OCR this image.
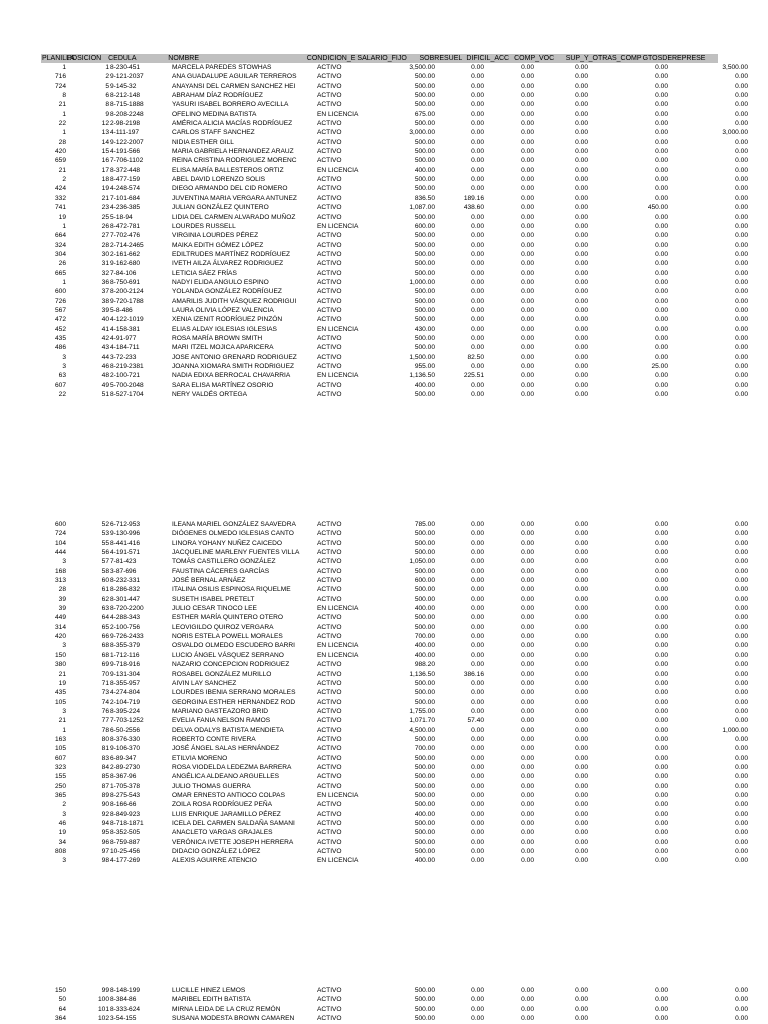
PLANILLA
POSICION CEDULA	NOMBRE	CONDICION_E SALARIO_FIJO	SOBRESUEL DIFICIL_ACC COMP_VOC	SUP_Y_OTRAS_COMP GTOSDEREPRESE
1	1 8-230-451	MARCELA PAREDES STOWHAS	ACTIVO	3,500.00	0.00	0.00	0.00	0.00	3,500.00
716	2 9-121-2037	ANA GUADALUPE AGUILAR TERREROS	ACTIVO	500.00	0.00	0.00	0.00	0.00	0.00
724	5 9-145-32	ANAYANSI DEL CARMEN SANCHEZ HEI	ACTIVO	500.00	0.00	0.00	0.00	0.00	0.00
8	6 8-212-148	ABRAHAM DÍAZ RODRÍGUEZ	ACTIVO	500.00	0.00	0.00	0.00	0.00	0.00
21	8 8-715-1888	YASURI ISABEL BORRERO AVECILLA	ACTIVO	500.00	0.00	0.00	0.00	0.00	0.00
1	9 8-208-2248	OFELINO MEDINA BATISTA	EN LICENCIA	675.00	0.00	0.00	0.00	0.00	0.00
22	12 2-98-2198	AMÉRICA ALICIA MACÍAS RODRÍGUEZ	ACTIVO	500.00	0.00	0.00	0.00	0.00	0.00
1	13 4-111-197	CARLOS STAFF SANCHEZ	ACTIVO	3,000.00	0.00	0.00	0.00	0.00	3,000.00
28	14 9-122-2007	NIDIA ESTHER GILL	ACTIVO	500.00	0.00	0.00	0.00	0.00	0.00
420	15 4-191-566	MARIA GABRIELA HERNANDEZ ARAUZ	ACTIVO	500.00	0.00	0.00	0.00	0.00	0.00
659	16 7-706-1102	REINA CRISTINA RODRIGUEZ MORENC	ACTIVO	500.00	0.00	0.00	0.00	0.00	0.00
21	17 8-372-448	ELISA MARÍA BALLESTEROS ORTIZ	EN LICENCIA	400.00	0.00	0.00	0.00	0.00	0.00
2	18 8-477-159	ABEL DAVID LORENZO SOLIS	ACTIVO	500.00	0.00	0.00	0.00	0.00	0.00
424	19 4-248-574	DIEGO ARMANDO DEL CID ROMERO	ACTIVO	500.00	0.00	0.00	0.00	0.00	0.00
332	21 7-101-684	JUVENTINA MARIA VERGARA ANTUNEZ	ACTIVO	836.50	189.16	0.00	0.00	0.00	0.00
741	23 4-236-385	JULIAN GONZÁLEZ QUINTERO	ACTIVO	1,087.00	438.60	0.00	0.00	450.00	0.00
19	25 5-18-94	LIDIA DEL CARMEN ALVARADO MUÑOZ	ACTIVO	500.00	0.00	0.00	0.00	0.00	0.00
1	26 8-472-781	LOURDES RUSSELL	EN LICENCIA	600.00	0.00	0.00	0.00	0.00	0.00
664	27 7-702-476	VIRGINIA LOURDES PÉREZ	ACTIVO	500.00	0.00	0.00	0.00	0.00	0.00
324	28 2-714-2465	MAIKA EDITH GÓMEZ LÓPEZ	ACTIVO	500.00	0.00	0.00	0.00	0.00	0.00
304	30 2-161-662	EDILTRUDES MARTÍNEZ RODRÍGUEZ	ACTIVO	500.00	0.00	0.00	0.00	0.00	0.00
26	31 9-162-680	IVETH AILZA ÁLVAREZ RODRIGUEZ	ACTIVO	500.00	0.00	0.00	0.00	0.00	0.00
665	32 7-84-106	LETICIA SÁEZ FRÍAS	ACTIVO	500.00	0.00	0.00	0.00	0.00	0.00
1	36 8-750-691	NADYI ELIDA ANGULO ESPINO	ACTIVO	1,000.00	0.00	0.00	0.00	0.00	0.00
600	37 8-200-2124	YOLANDA GONZÁLEZ RODRÍGUEZ	ACTIVO	500.00	0.00	0.00	0.00	0.00	0.00
726	38 9-720-1788	AMARILIS JUDITH VÁSQUEZ RODRIGUI	ACTIVO	500.00	0.00	0.00	0.00	0.00	0.00
567	39 5-8-486	LAURA OLIVIA LÓPEZ VALENCIA	ACTIVO	500.00	0.00	0.00	0.00	0.00	0.00
472	40 4-122-1019	XENIA IZENIT RODRÍGUEZ PINZÓN	ACTIVO	500.00	0.00	0.00	0.00	0.00	0.00
452	41 4-158-381	ELIAS ALDAY IGLESIAS IGLESIAS	EN LICENCIA	430.00	0.00	0.00	0.00	0.00	0.00
435	42 4-91-977	ROSA MARÍA BROWN SMITH	ACTIVO	500.00	0.00	0.00	0.00	0.00	0.00
486	43 4-184-711	MARI ITZEL MOJICA APARICERA	ACTIVO	500.00	0.00	0.00	0.00	0.00	0.00
3	44 3-72-233	JOSE ANTONIO GRENARD RODRIGUEZ	ACTIVO	1,500.00	82.50	0.00	0.00	0.00	0.00
3	46 8-219-2381	JOANNA XIOMARA SMITH RODRIGUEZ	ACTIVO	955.00	0.00	0.00	0.00	25.00	0.00
63	48 2-100-721	NADIA EDIXA BERROCAL CHAVARRIA	EN LICENCIA	1,136.50	225.51	0.00	0.00	0.00	0.00
607	49 5-700-2048	SARA ELISA MARTÍNEZ OSORIO	ACTIVO	400.00	0.00	0.00	0.00	0.00	0.00
22	51 8-527-1704	NERY VALDÉS ORTEGA	ACTIVO	500.00	0.00	0.00	0.00	0.00	0.00
600	52 6-712-953	ILEANA MARIEL GONZÁLEZ SAAVEDRA	ACTIVO	785.00	0.00	0.00	0.00	0.00	0.00
724	53 9-130-996	DIÓGENES OLMEDO IGLESIAS CANTO	ACTIVO	500.00	0.00	0.00	0.00	0.00	0.00
104	55 8-441-416	LINORA YOHANY NUÑEZ CAICEDO	ACTIVO	500.00	0.00	0.00	0.00	0.00	0.00
444	56 4-191-571	JACQUELINE MARLENY FUENTES VILLA	ACTIVO	500.00	0.00	0.00	0.00	0.00	0.00
3	57 7-81-423	TOMÁS CASTILLERO GONZÁLEZ	ACTIVO	1,050.00	0.00	0.00	0.00	0.00	0.00
168	58 3-87-696	FAUSTINA CÁCERES GARCÍAS	ACTIVO	500.00	0.00	0.00	0.00	0.00	0.00
313	60 8-232-331	JOSÉ BERNAL ARNÁEZ	ACTIVO	600.00	0.00	0.00	0.00	0.00	0.00
28	61 8-286-832	ITALINA OSILIS ESPINOSA RIQUELME	ACTIVO	500.00	0.00	0.00	0.00	0.00	0.00
39	62 8-301-447	SUSETH ISABEL PRETELT	ACTIVO	500.00	0.00	0.00	0.00	0.00	0.00
39	63 8-720-2200	JULIO CESAR TINOCO LEE	EN LICENCIA	400.00	0.00	0.00	0.00	0.00	0.00
449	64 4-288-343	ESTHER MARÍA QUINTERO OTERO	ACTIVO	500.00	0.00	0.00	0.00	0.00	0.00
314	65 2-100-756	LEOVIGILDO QUIROZ VERGARA	ACTIVO	500.00	0.00	0.00	0.00	0.00	0.00
420	66 9-726-2433	NORIS ESTELA POWELL MORALES	ACTIVO	700.00	0.00	0.00	0.00	0.00	0.00
3	68 8-355-379	OSVALDO OLMEDO ESCUDERO BARRI	EN LICENCIA	400.00	0.00	0.00	0.00	0.00	0.00
150	68 1-712-116	LUCIO ÁNGEL VÁSQUEZ SERRANO	EN LICENCIA	400.00	0.00	0.00	0.00	0.00	0.00
380	69 9-718-916	NAZARIO CONCEPCION RODRIGUEZ	ACTIVO	988.20	0.00	0.00	0.00	0.00	0.00
21	70 9-131-304	ROSABEL GONZÁLEZ MURILLO	ACTIVO	1,136.50	386.16	0.00	0.00	0.00	0.00
19	71 8-355-957	AIVIN LAY SANCHEZ	ACTIVO	500.00	0.00	0.00	0.00	0.00	0.00
435	73 4-274-804	LOURDES IBENIA SERRANO MORALES	ACTIVO	500.00	0.00	0.00	0.00	0.00	0.00
105	74 2-104-719	GEORGINA ESTHER HERNANDEZ ROD	ACTIVO	500.00	0.00	0.00	0.00	0.00	0.00
3	76 8-395-224	MARIANO GASTEAZORO BRID	ACTIVO	1,755.00	0.00	0.00	0.00	0.00	0.00
21	77 7-703-1252	EVELIA FANIA NELSON RAMOS	ACTIVO	1,071.70	57.40	0.00	0.00	0.00	0.00
1	78 6-50-2556	DELVA ODALYS BATISTA MENDIETA	ACTIVO	4,500.00	0.00	0.00	0.00	0.00	1,000.00
163	80 8-376-330	ROBERTO CONTE RIVERA	ACTIVO	500.00	0.00	0.00	0.00	0.00	0.00
105	81 9-106-370	JOSÉ ÁNGEL SALAS HERNÁNDEZ	ACTIVO	700.00	0.00	0.00	0.00	0.00	0.00
607	83 6-89-347	ETILVIA MORENO	ACTIVO	500.00	0.00	0.00	0.00	0.00	0.00
323	84 2-89-2730	ROSA VIODELDA LEDEZMA BARRERA	ACTIVO	500.00	0.00	0.00	0.00	0.00	0.00
155	85 8-367-96	ANGÉLICA ALDEANO ARGUELLES	ACTIVO	500.00	0.00	0.00	0.00	0.00	0.00
250	87 1-705-378	JULIO THOMAS GUERRA	ACTIVO	500.00	0.00	0.00	0.00	0.00	0.00
365	89 8-275-543	OMAR ERNESTO ANTIOCO COLPAS	EN LICENCIA	500.00	0.00	0.00	0.00	0.00	0.00
2	90 8-166-66	ZOILA ROSA RODRÍGUEZ PEÑA	ACTIVO	500.00	0.00	0.00	0.00	0.00	0.00
3	92 8-849-923	LUIS ENRIQUE JARAMILLO PÉREZ	ACTIVO	400.00	0.00	0.00	0.00	0.00	0.00
46	94 8-718-1871	ICELA DEL CARMEN SALDAÑA SAMANI	ACTIVO	500.00	0.00	0.00	0.00	0.00	0.00
19	95 8-352-505	ANACLETO VARGAS GRAJALES	ACTIVO	500.00	0.00	0.00	0.00	0.00	0.00
34	96 8-759-887	VERÓNICA IVETTE JOSEPH HERRERA	ACTIVO	500.00	0.00	0.00	0.00	0.00	0.00
808	97 10-25-456	DIDACIO GONZÁLEZ LÓPEZ	ACTIVO	500.00	0.00	0.00	0.00	0.00	0.00
3	98 4-177-269	ALEXIS AGUIRRE ATENCIO	EN LICENCIA	400.00	0.00	0.00	0.00	0.00	0.00
150	99 8-148-199	LUCILLE HINEZ LEMOS	ACTIVO	500.00	0.00	0.00	0.00	0.00	0.00
50	100 8-384-86	MARIBEL EDITH BATISTA	ACTIVO	500.00	0.00	0.00	0.00	0.00	0.00
64	101 8-333-624	MIRNA LEIDA DE LA CRUZ REMÓN	ACTIVO	500.00	0.00	0.00	0.00	0.00	0.00
364	102 3-54-155	SUSANA MODESTA BROWN CAMAREN	ACTIVO	500.00	0.00	0.00	0.00	0.00	0.00
